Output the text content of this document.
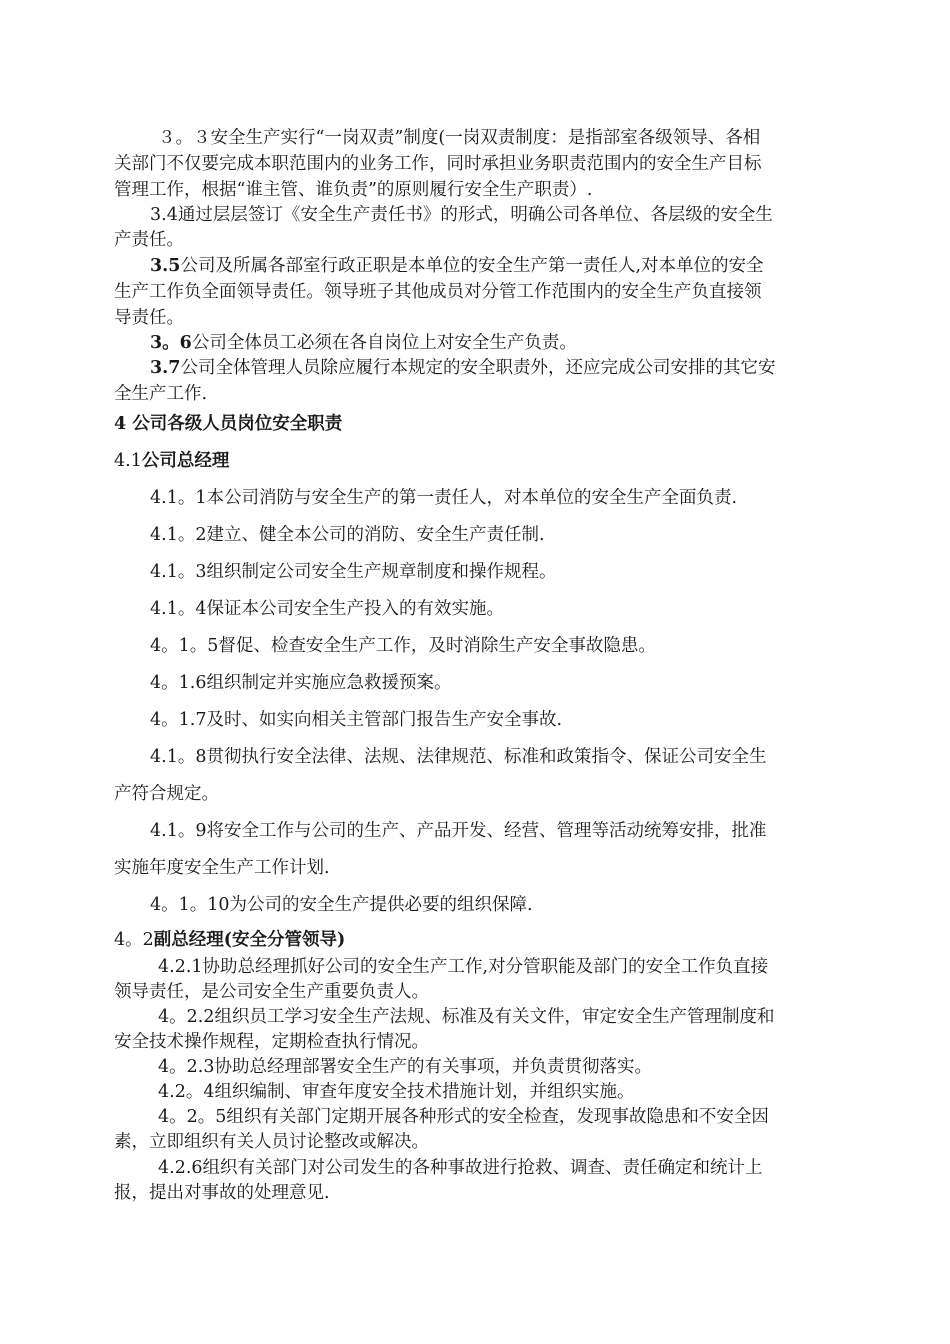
３。３安全生产实行“一岗双责”制度(一岗双责制度：是指部室各级领导、各相
关部门不仅要完成本职范围内的业务工作，同时承担业务职责范围内的安全生产目标
管理工作，根据“谁主管、谁负责”的原则履行安全生产职责）.
3.4通过层层签订《安全生产责任书》的形式，明确公司各单位、各层级的安全生
产责任。
3.5公司及所属各部室行政正职是本单位的安全生产第一责任人,对本单位的安全
生产工作负全面领导责任。领导班子其他成员对分管工作范围内的安全生产负直接领
导责任。
3。6公司全体员工必须在各自岗位上对安全生产负责。
3.7公司全体管理人员除应履行本规定的安全职责外，还应完成公司安排的其它安
全生产工作.
4 公司各级人员岗位安全职责
4.1公司总经理
4.1。1本公司消防与安全生产的第一责任人，对本单位的安全生产全面负责.
4.1。2建立、健全本公司的消防、安全生产责任制.
4.1。3组织制定公司安全生产规章制度和操作规程。
4.1。4保证本公司安全生产投入的有效实施。
4。1。5督促、检查安全生产工作，及时消除生产安全事故隐患。
4。1.6组织制定并实施应急救援预案。
4。1.7及时、如实向相关主管部门报告生产安全事故.
4.1。8贯彻执行安全法律、法规、法律规范、标准和政策指令、保证公司安全生
产符合规定。
4.1。9将安全工作与公司的生产、产品开发、经营、管理等活动统筹安排，批准
实施年度安全生产工作计划.
4。1。10为公司的安全生产提供必要的组织保障.
4。2副总经理(安全分管领导)
4.2.1协助总经理抓好公司的安全生产工作,对分管职能及部门的安全工作负直接
领导责任，是公司安全生产重要负责人。
4。2.2组织员工学习安全生产法规、标准及有关文件，审定安全生产管理制度和
安全技术操作规程，定期检查执行情况。
4。2.3协助总经理部署安全生产的有关事项，并负责贯彻落实。
4.2。4组织编制、审查年度安全技术措施计划，并组织实施。
4。2。5组织有关部门定期开展各种形式的安全检查，发现事故隐患和不安全因
素，立即组织有关人员讨论整改或解决。
4.2.6组织有关部门对公司发生的各种事故进行抢救、调查、责任确定和统计上
报，提出对事故的处理意见.
